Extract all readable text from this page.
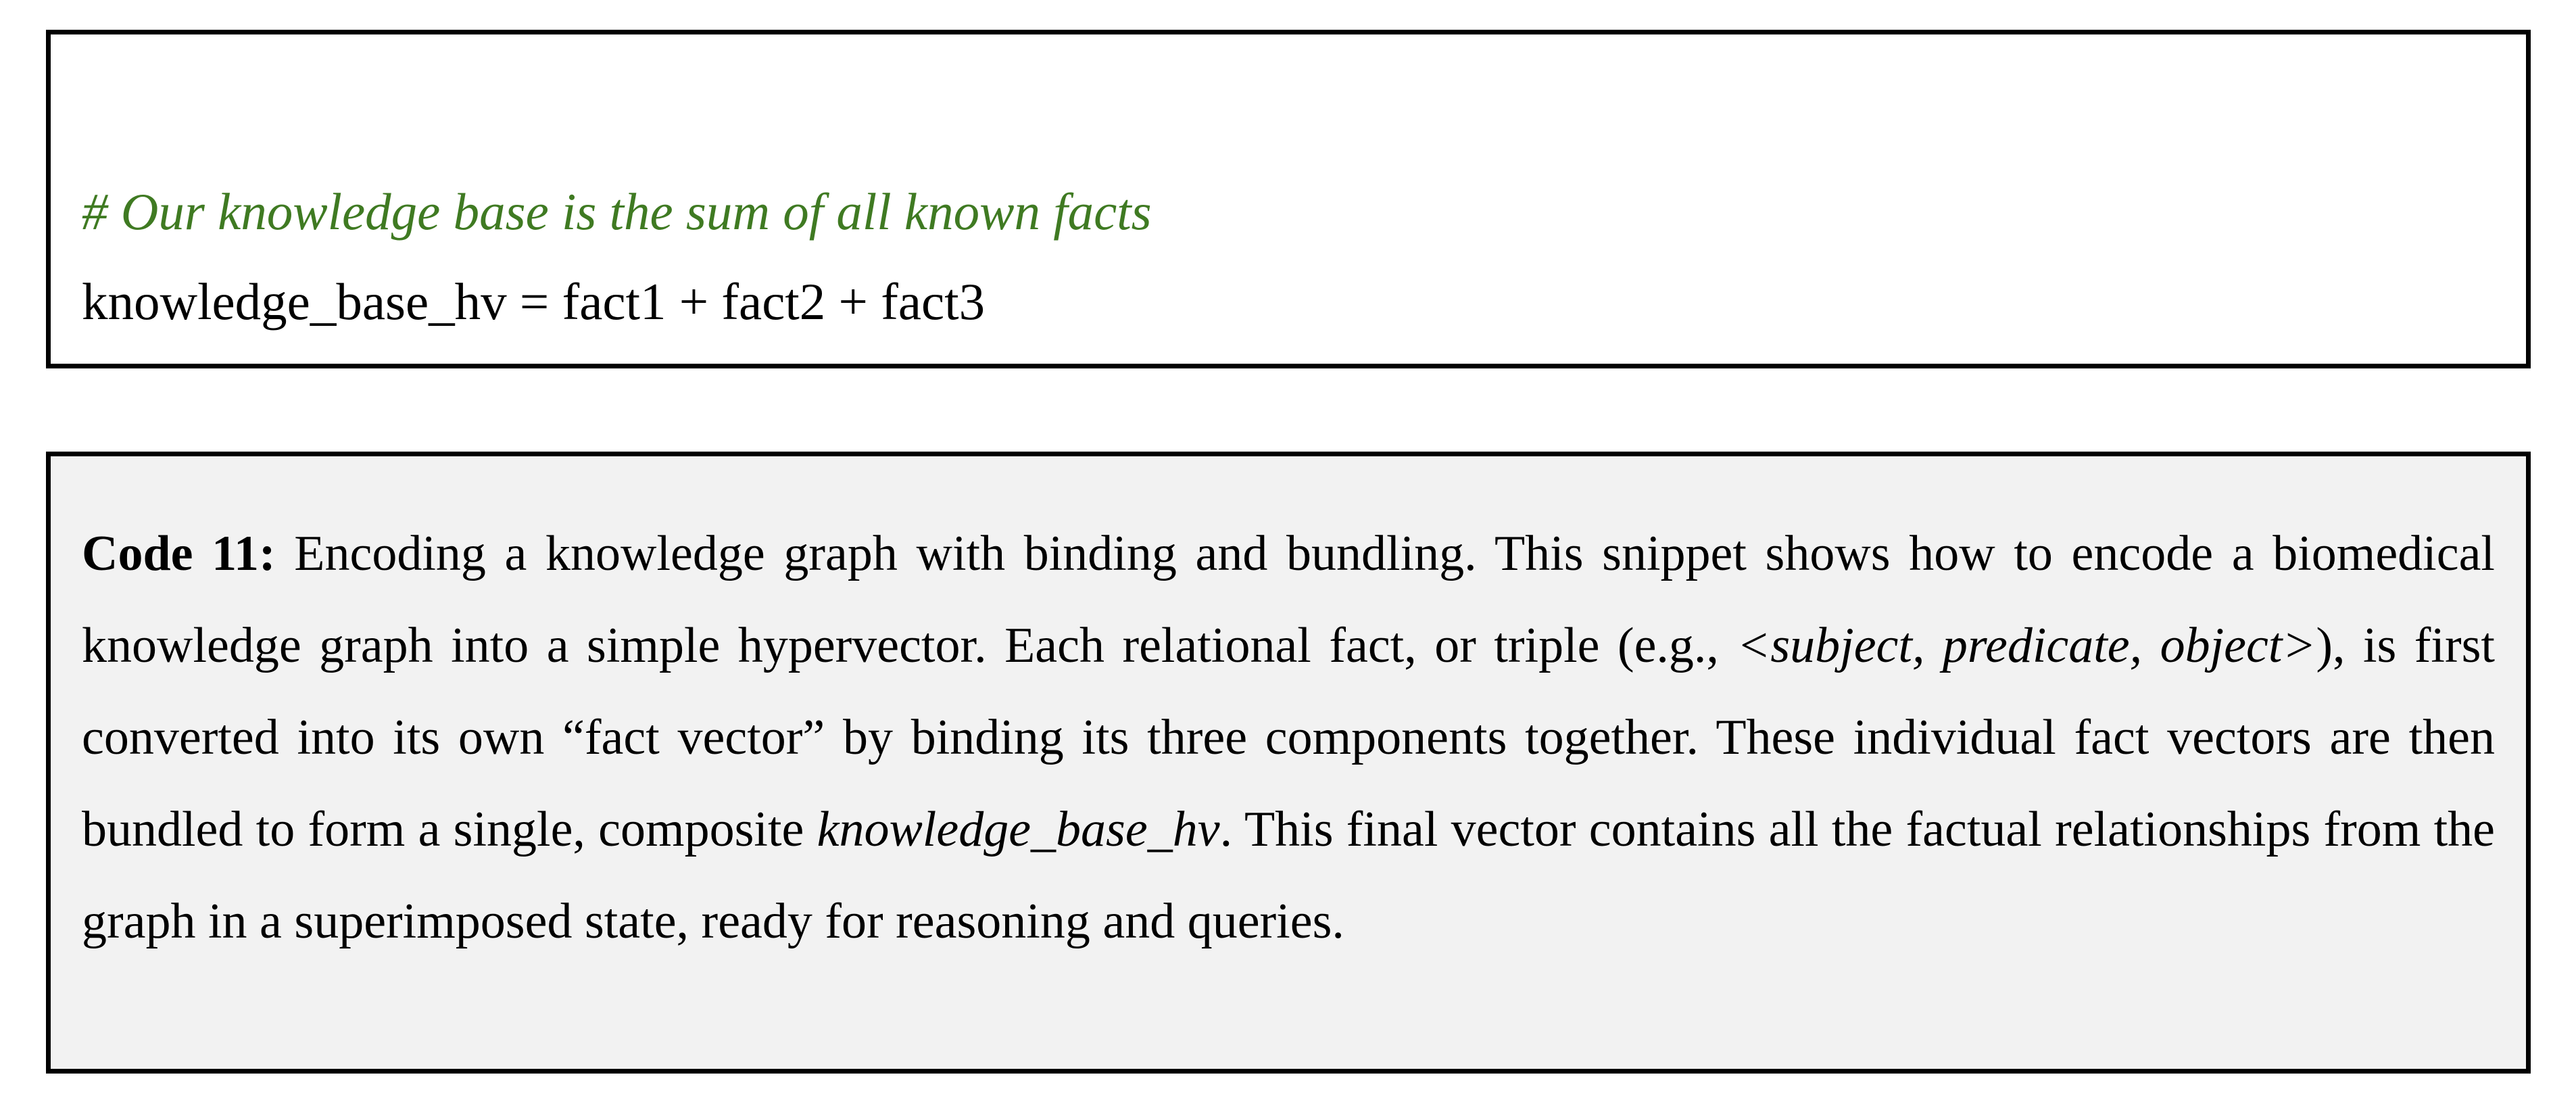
# Our knowledge base is the sum of all known facts
knowledge_base_hv = fact1 + fact2 + fact3

Code 11: Encoding a knowledge graph with binding and bundling. This snippet shows how to encode a biomedical knowledge graph into a simple hypervector. Each relational fact, or triple (e.g., <subject, predicate, object>), is first converted into its own “fact vector” by binding its three components together. These individual fact vectors are then bundled to form a single, composite knowledge_base_hv. This final vector contains all the factual relationships from the graph in a superimposed state, ready for reasoning and queries.
